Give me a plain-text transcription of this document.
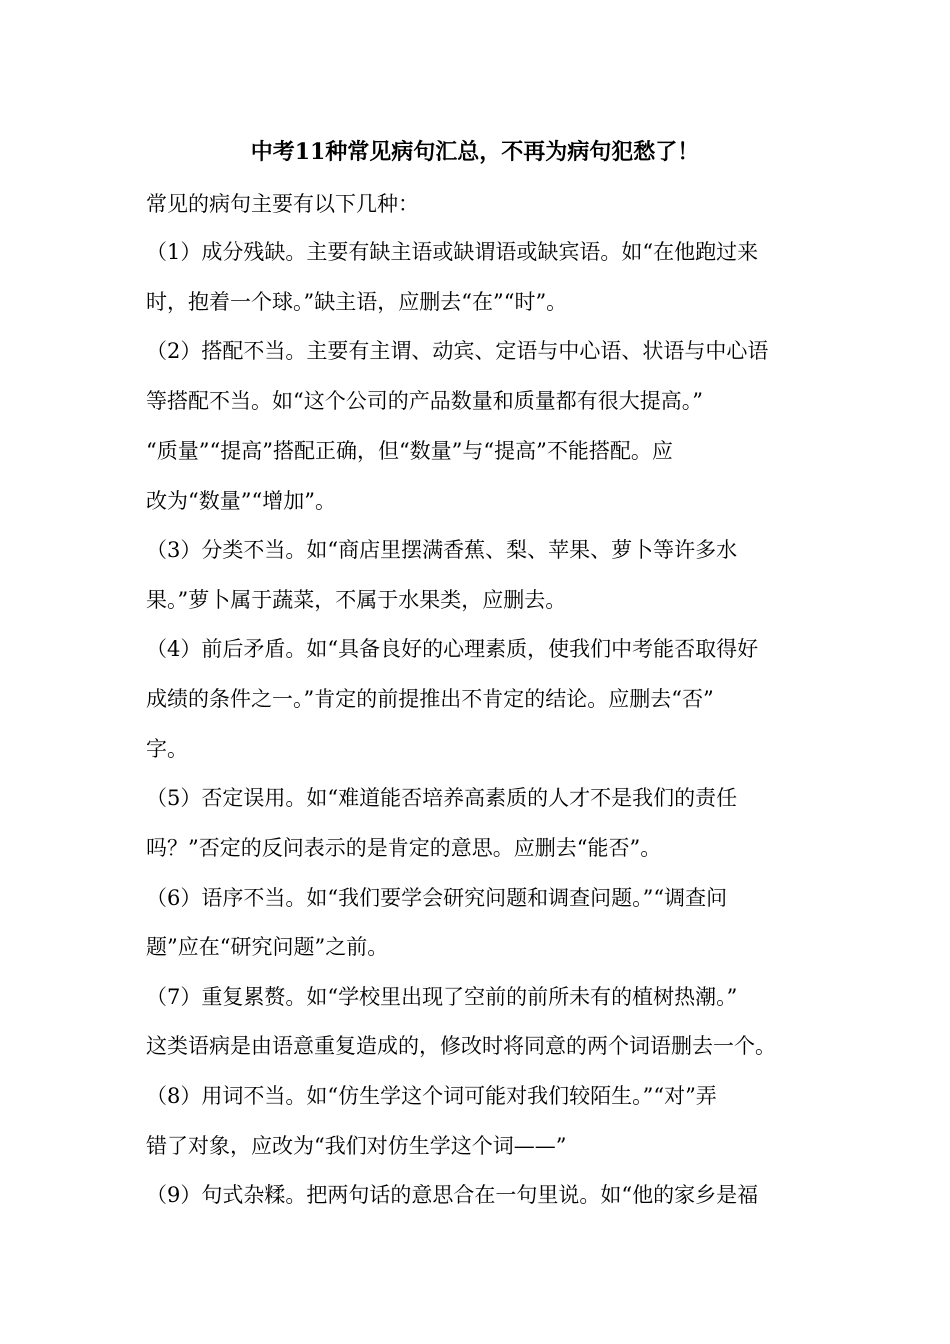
中考11种常见病句汇总，不再为病句犯愁了！
常见的病句主要有以下几种：
（1）成分残缺。主要有缺主语或缺谓语或缺宾语。如“在他跑过来
时，抱着一个球。”缺主语，应删去“在”“时”。
（2）搭配不当。主要有主谓、动宾、定语与中心语、状语与中心语
等搭配不当。如“这个公司的产品数量和质量都有很大提高。”
“质量”“提高”搭配正确，但“数量”与“提高”不能搭配。应
改为“数量”“增加”。
（3）分类不当。如“商店里摆满香蕉、梨、苹果、萝卜等许多水
果。”萝卜属于蔬菜，不属于水果类，应删去。
（4）前后矛盾。如“具备良好的心理素质，使我们中考能否取得好
成绩的条件之一。”肯定的前提推出不肯定的结论。应删去“否”
字。
（5）否定误用。如“难道能否培养高素质的人才不是我们的责任
吗？”否定的反问表示的是肯定的意思。应删去“能否”。
（6）语序不当。如“我们要学会研究问题和调查问题。”“调查问
题”应在“研究问题”之前。
（7）重复累赘。如“学校里出现了空前的前所未有的植树热潮。”
这类语病是由语意重复造成的，修改时将同意的两个词语删去一个。
（8）用词不当。如“仿生学这个词可能对我们较陌生。”“对”弄
错了对象，应改为“我们对仿生学这个词——”
（9）句式杂糅。把两句话的意思合在一句里说。如“他的家乡是福
